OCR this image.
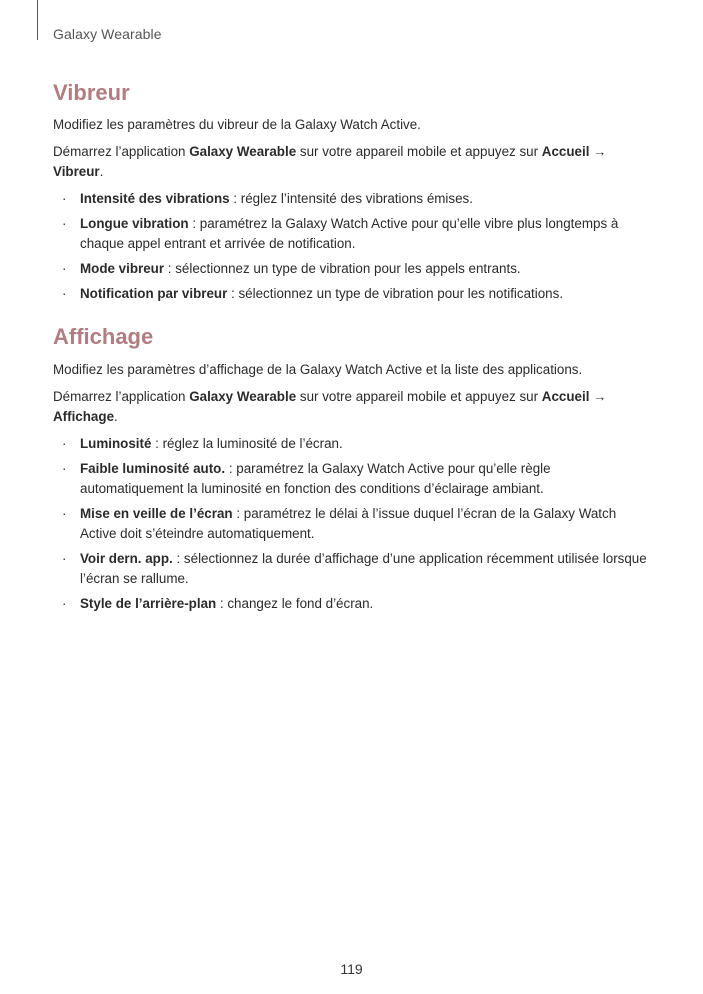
Galaxy Wearable
Vibreur

Modifiez les paramètres du vibreur de la Galaxy Watch Active.

Démarrez l’application Galaxy Wearable sur votre appareil mobile et appuyez sur Accueil → Vibreur.

· Intensité des vibrations : réglez l’intensité des vibrations émises.
· Longue vibration : paramétrez la Galaxy Watch Active pour qu’elle vibre plus longtemps à chaque appel entrant et arrivée de notification.
· Mode vibreur : sélectionnez un type de vibration pour les appels entrants.
· Notification par vibreur : sélectionnez un type de vibration pour les notifications.
Affichage

Modifiez les paramètres d’affichage de la Galaxy Watch Active et la liste des applications.

Démarrez l’application Galaxy Wearable sur votre appareil mobile et appuyez sur Accueil → Affichage.

· Luminosité : réglez la luminosité de l’écran.
· Faible luminosité auto. : paramétrez la Galaxy Watch Active pour qu’elle règle automatiquement la luminosité en fonction des conditions d’éclairage ambiant.
· Mise en veille de l’écran : paramétrez le délai à l’issue duquel l’écran de la Galaxy Watch Active doit s’éteindre automatiquement.
· Voir dern. app. : sélectionnez la durée d’affichage d’une application récemment utilisée lorsque l’écran se rallume.
· Style de l’arrière-plan : changez le fond d’écran.
119
